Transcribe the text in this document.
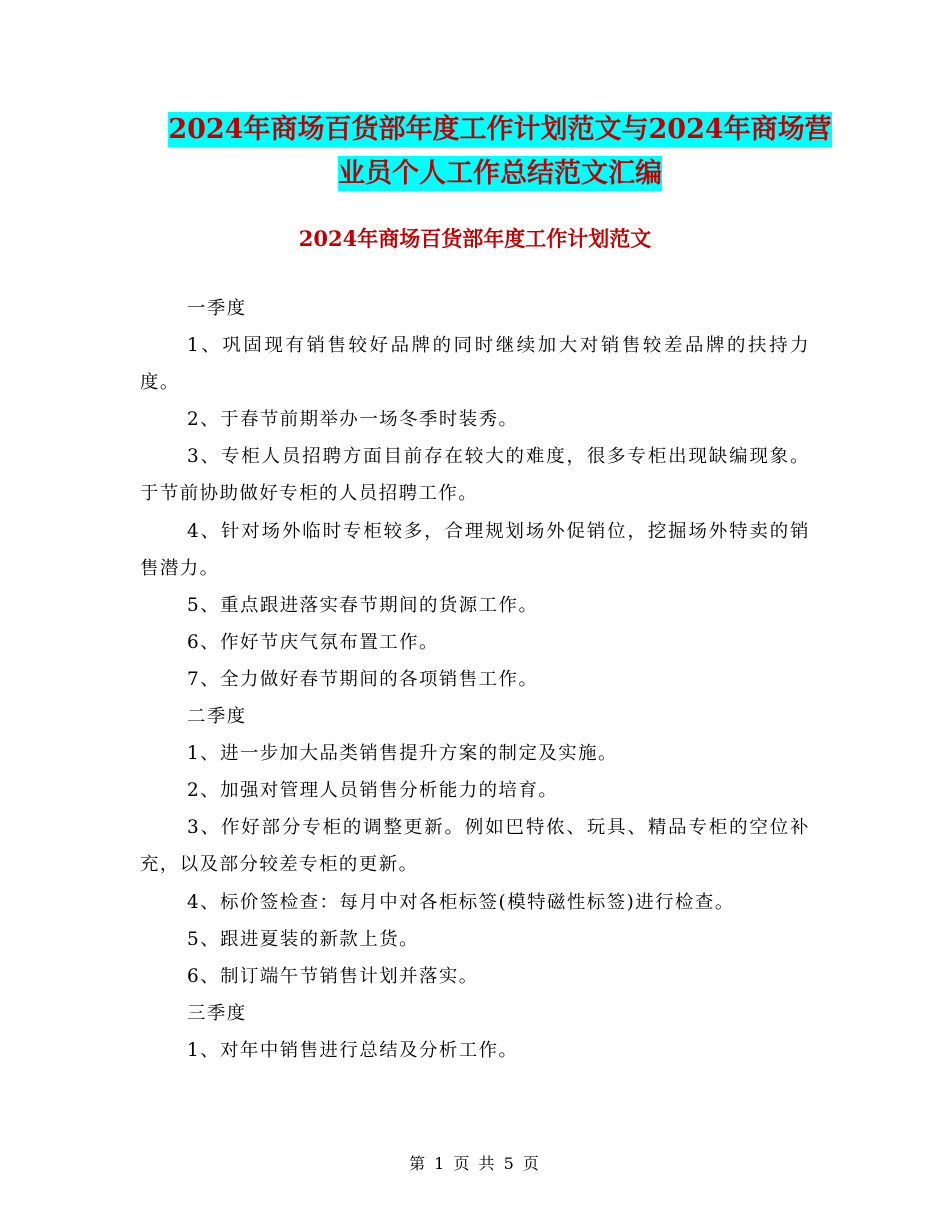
2024年商场百货部年度工作计划范文与2024年商场营
业员个人工作总结范文汇编
2024年商场百货部年度工作计划范文

一季度

1、巩固现有销售较好品牌的同时继续加大对销售较差品牌的扶持力度。

2、于春节前期举办一场冬季时装秀。

3、专柜人员招聘方面目前存在较大的难度，很多专柜出现缺编现象。于节前协助做好专柜的人员招聘工作。

4、针对场外临时专柜较多，合理规划场外促销位，挖掘场外特卖的销售潜力。

5、重点跟进落实春节期间的货源工作。

6、作好节庆气氛布置工作。

7、全力做好春节期间的各项销售工作。

二季度

1、进一步加大品类销售提升方案的制定及实施。

2、加强对管理人员销售分析能力的培育。

3、作好部分专柜的调整更新。例如巴特侬、玩具、精品专柜的空位补充，以及部分较差专柜的更新。

4、标价签检查：每月中对各柜标签(模特磁性标签)进行检查。

5、跟进夏装的新款上货。

6、制订端午节销售计划并落实。

三季度

1、对年中销售进行总结及分析工作。

第 1 页 共 5 页
